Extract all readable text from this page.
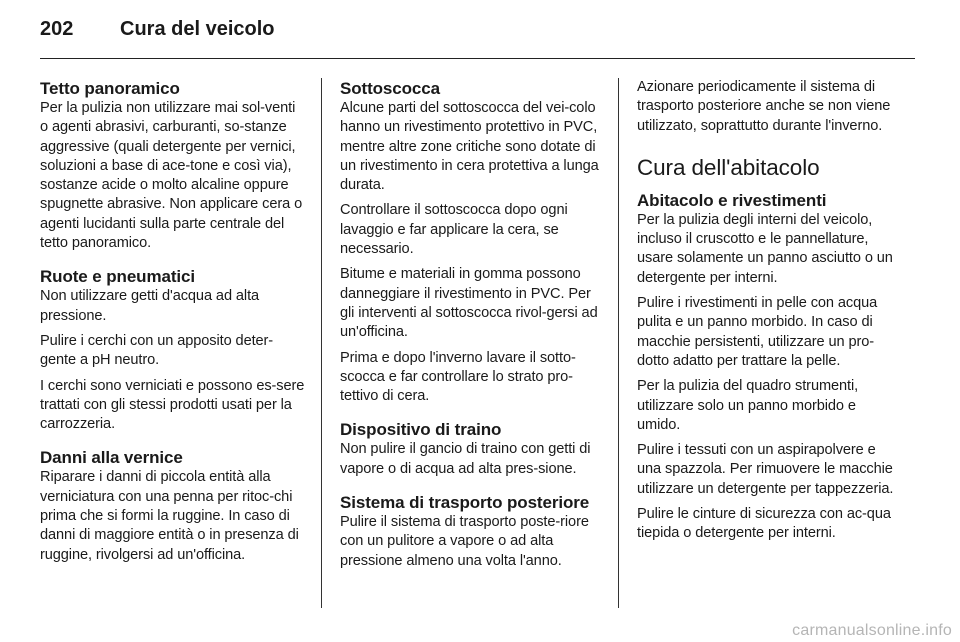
202 Cura del veicolo
Tetto panoramico

Per la pulizia non utilizzare mai sol-venti o agenti abrasivi, carburanti, so-stanze aggressive (quali detergente per vernici, soluzioni a base di ace-tone e così via), sostanze acide o molto alcaline oppure spugnette abrasive. Non applicare cera o agenti lucidanti sulla parte centrale del tetto panoramico.

Ruote e pneumatici

Non utilizzare getti d'acqua ad alta pressione.

Pulire i cerchi con un apposito deter-gente a pH neutro.

I cerchi sono verniciati e possono es-sere trattati con gli stessi prodotti usati per la carrozzeria.

Danni alla vernice

Riparare i danni di piccola entità alla verniciatura con una penna per ritoc-chi prima che si formi la ruggine. In caso di danni di maggiore entità o in presenza di ruggine, rivolgersi ad un'officina.

Sottoscocca

Alcune parti del sottoscocca del vei-colo hanno un rivestimento protettivo in PVC, mentre altre zone critiche sono dotate di un rivestimento in cera protettiva a lunga durata.

Controllare il sottoscocca dopo ogni lavaggio e far applicare la cera, se necessario.

Bitume e materiali in gomma possono danneggiare il rivestimento in PVC. Per gli interventi al sottoscocca rivol-gersi ad un'officina.

Prima e dopo l'inverno lavare il sotto-scocca e far controllare lo strato pro-tettivo di cera.

Dispositivo di traino

Non pulire il gancio di traino con getti di vapore o di acqua ad alta pres-sione.

Sistema di trasporto posteriore

Pulire il sistema di trasporto poste-riore con un pulitore a vapore o ad alta pressione almeno una volta l'anno.

Azionare periodicamente il sistema di trasporto posteriore anche se non viene utilizzato, soprattutto durante l'inverno.

Cura dell'abitacolo
Abitacolo e rivestimenti

Per la pulizia degli interni del veicolo, incluso il cruscotto e le pannellature, usare solamente un panno asciutto o un detergente per interni.

Pulire i rivestimenti in pelle con acqua pulita e un panno morbido. In caso di macchie persistenti, utilizzare un pro-dotto adatto per trattare la pelle.

Per la pulizia del quadro strumenti, utilizzare solo un panno morbido e umido.

Pulire i tessuti con un aspirapolvere e una spazzola. Per rimuovere le macchie utilizzare un detergente per tappezzeria.

Pulire le cinture di sicurezza con ac-qua tiepida o detergente per interni.

carmanualsonline.info
